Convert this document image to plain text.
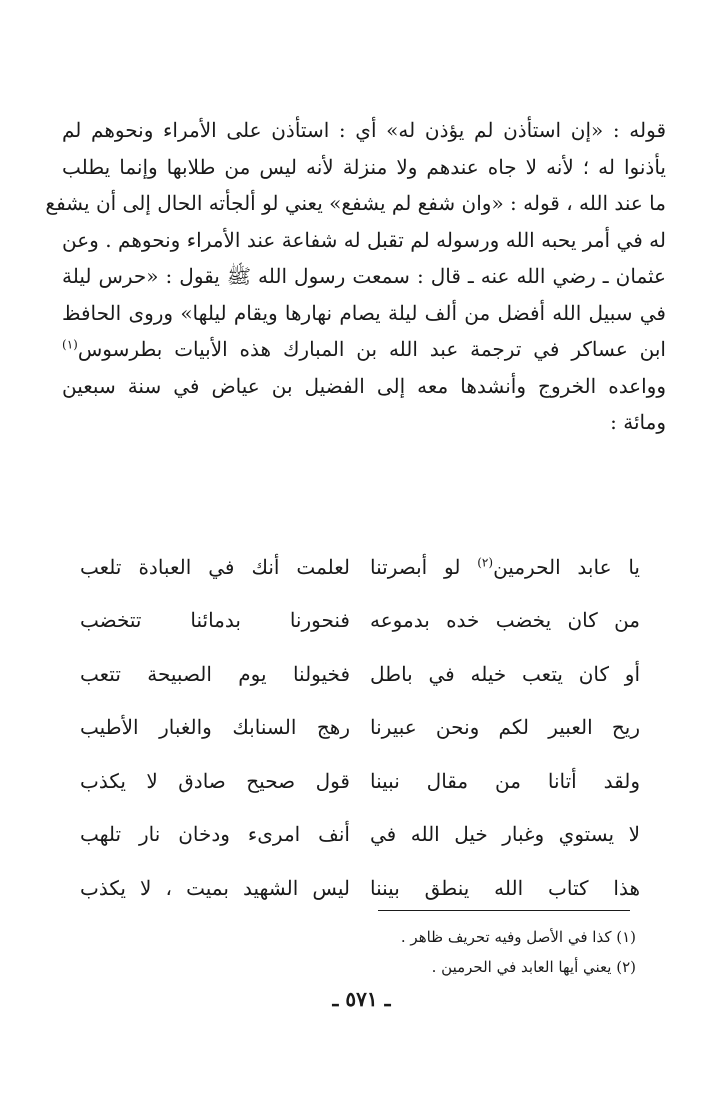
قوله : «إن استأذن لم يؤذن له» أي : استأذن على الأمراء ونحوهم لم
يأذنوا له ؛ لأنه لا جاه عندهم ولا منزلة لأنه ليس من طلابها وإنما يطلب
ما عند الله ، قوله : «وان شفع لم يشفع» يعني لو ألجأته الحال إلى أن يشفع
له في أمر يحبه الله ورسوله لم تقبل له شفاعة عند الأمراء ونحوهم . وعن
عثمان ـ رضي الله عنه ـ قال : سمعت رسول الله ﷺ يقول : «حرس ليلة
في سبيل الله أفضل من ألف ليلة يصام نهارها ويقام ليلها» وروى الحافظ
ابن عساكر في ترجمة عبد الله بن المبارك هذه الأبيات بطرسوس$^{(١)}$
وواعده الخروج وأنشدها معه إلى الفضيل بن عياض في سنة سبعين
ومائة :
يا عابد الحرمين$^{(٢)}$ لو أبصرتنا
لعلمت أنك في العبادة تلعب
من كان يخضب خده بدموعه
فنحورنا بدمائنا تتخضب
أو كان يتعب خيله في باطل
فخيولنا يوم الصبيحة تتعب
ريح العبير لكم ونحن عبيرنا
رهج السنابك والغبار الأطيب
ولقد أتانا من مقال نبينا
قول صحيح صادق لا يكذب
لا يستوي وغبار خيل الله في
أنف امرىء ودخان نار تلهب
هذا كتاب الله ينطق بيننا
ليس الشهيد بميت ، لا يكذب
(١) كذا في الأصل وفيه تحريف ظاهر .
(٢) يعني أيها العابد في الحرمين .
ـ ٥٧١ ـ
